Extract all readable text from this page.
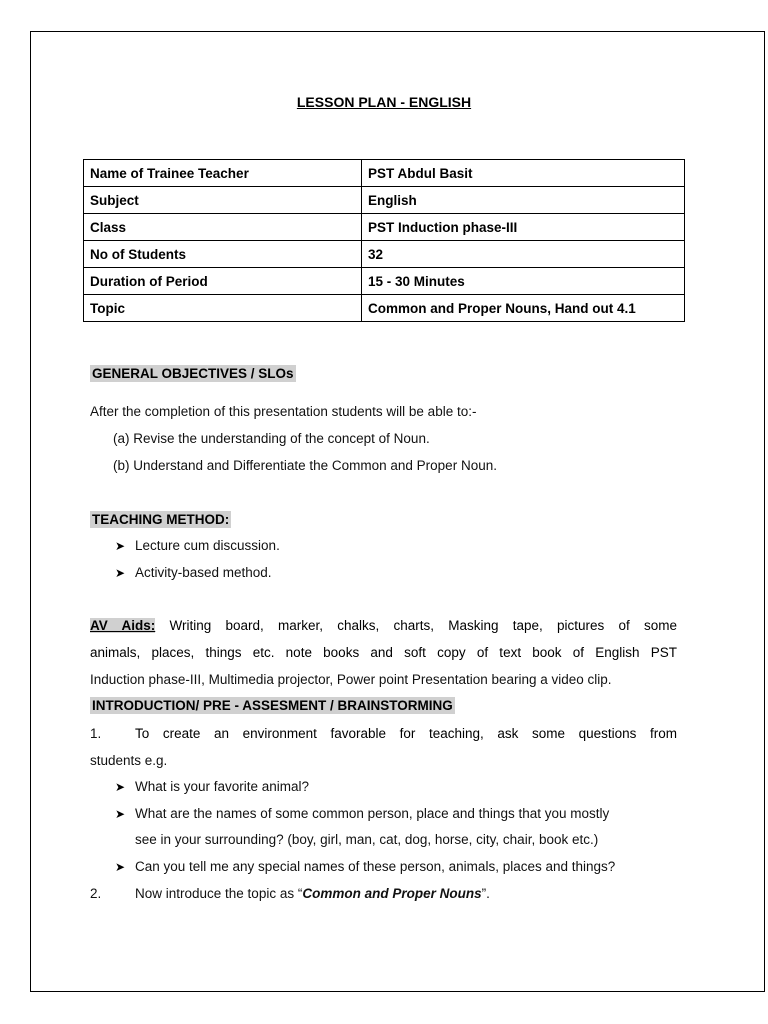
LESSON PLAN - ENGLISH
Name of Trainee Teacher	PST Abdul Basit
Subject	English
Class	PST Induction phase-III
No of Students	32
Duration of Period	15 - 30 Minutes
Topic	Common and Proper Nouns, Hand out 4.1
GENERAL OBJECTIVES / SLOs
After the completion of this presentation students will be able to:-
(a) Revise the understanding of the concept of Noun.
(b) Understand and Differentiate the Common and Proper Noun.
TEACHING METHOD:
➤ Lecture cum discussion.
➤ Activity-based method.
AV Aids: Writing board, marker, chalks, charts, Masking tape, pictures of some
animals, places, things etc. note books and soft copy of text book of English PST
Induction phase-III, Multimedia projector, Power point Presentation bearing a video clip.
INTRODUCTION/ PRE - ASSESMENT / BRAINSTORMING
1. To create an environment favorable for teaching, ask some questions from
students e.g.
➤ What is your favorite animal?
➤ What are the names of some common person, place and things that you mostly
see in your surrounding? (boy, girl, man, cat, dog, horse, city, chair, book etc.)
➤ Can you tell me any special names of these person, animals, places and things?
2. Now introduce the topic as “Common and Proper Nouns”.
